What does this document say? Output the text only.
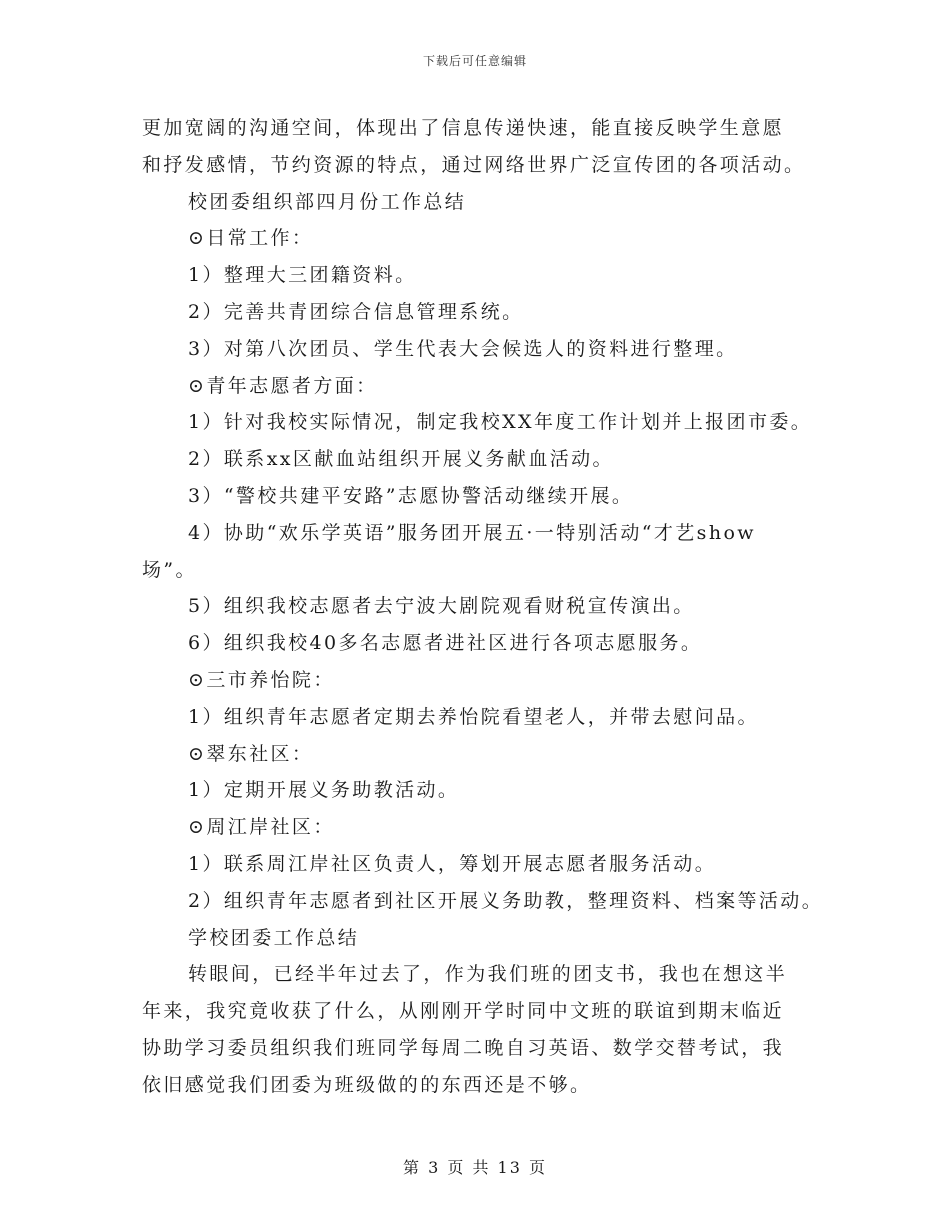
下载后可任意编辑
更加宽阔的沟通空间，体现出了信息传递快速，能直接反映学生意愿
和抒发感情，节约资源的特点，通过网络世界广泛宣传团的各项活动。
校团委组织部四月份工作总结
⊙日常工作：
1）整理大三团籍资料。
2）完善共青团综合信息管理系统。
3）对第八次团员、学生代表大会候选人的资料进行整理。
⊙青年志愿者方面：
1）针对我校实际情况，制定我校XX年度工作计划并上报团市委。
2）联系xx区献血站组织开展义务献血活动。
3）“警校共建平安路”志愿协警活动继续开展。
4）协助“欢乐学英语”服务团开展五·一特别活动“才艺show
场”。
5）组织我校志愿者去宁波大剧院观看财税宣传演出。
6）组织我校40多名志愿者进社区进行各项志愿服务。
⊙三市养怡院：
1）组织青年志愿者定期去养怡院看望老人，并带去慰问品。
⊙翠东社区：
1）定期开展义务助教活动。
⊙周江岸社区：
1）联系周江岸社区负责人，筹划开展志愿者服务活动。
2）组织青年志愿者到社区开展义务助教，整理资料、档案等活动。
学校团委工作总结
转眼间，已经半年过去了，作为我们班的团支书，我也在想这半
年来，我究竟收获了什么，从刚刚开学时同中文班的联谊到期末临近
协助学习委员组织我们班同学每周二晚自习英语、数学交替考试，我
依旧感觉我们团委为班级做的的东西还是不够。
第 3 页 共 13 页
